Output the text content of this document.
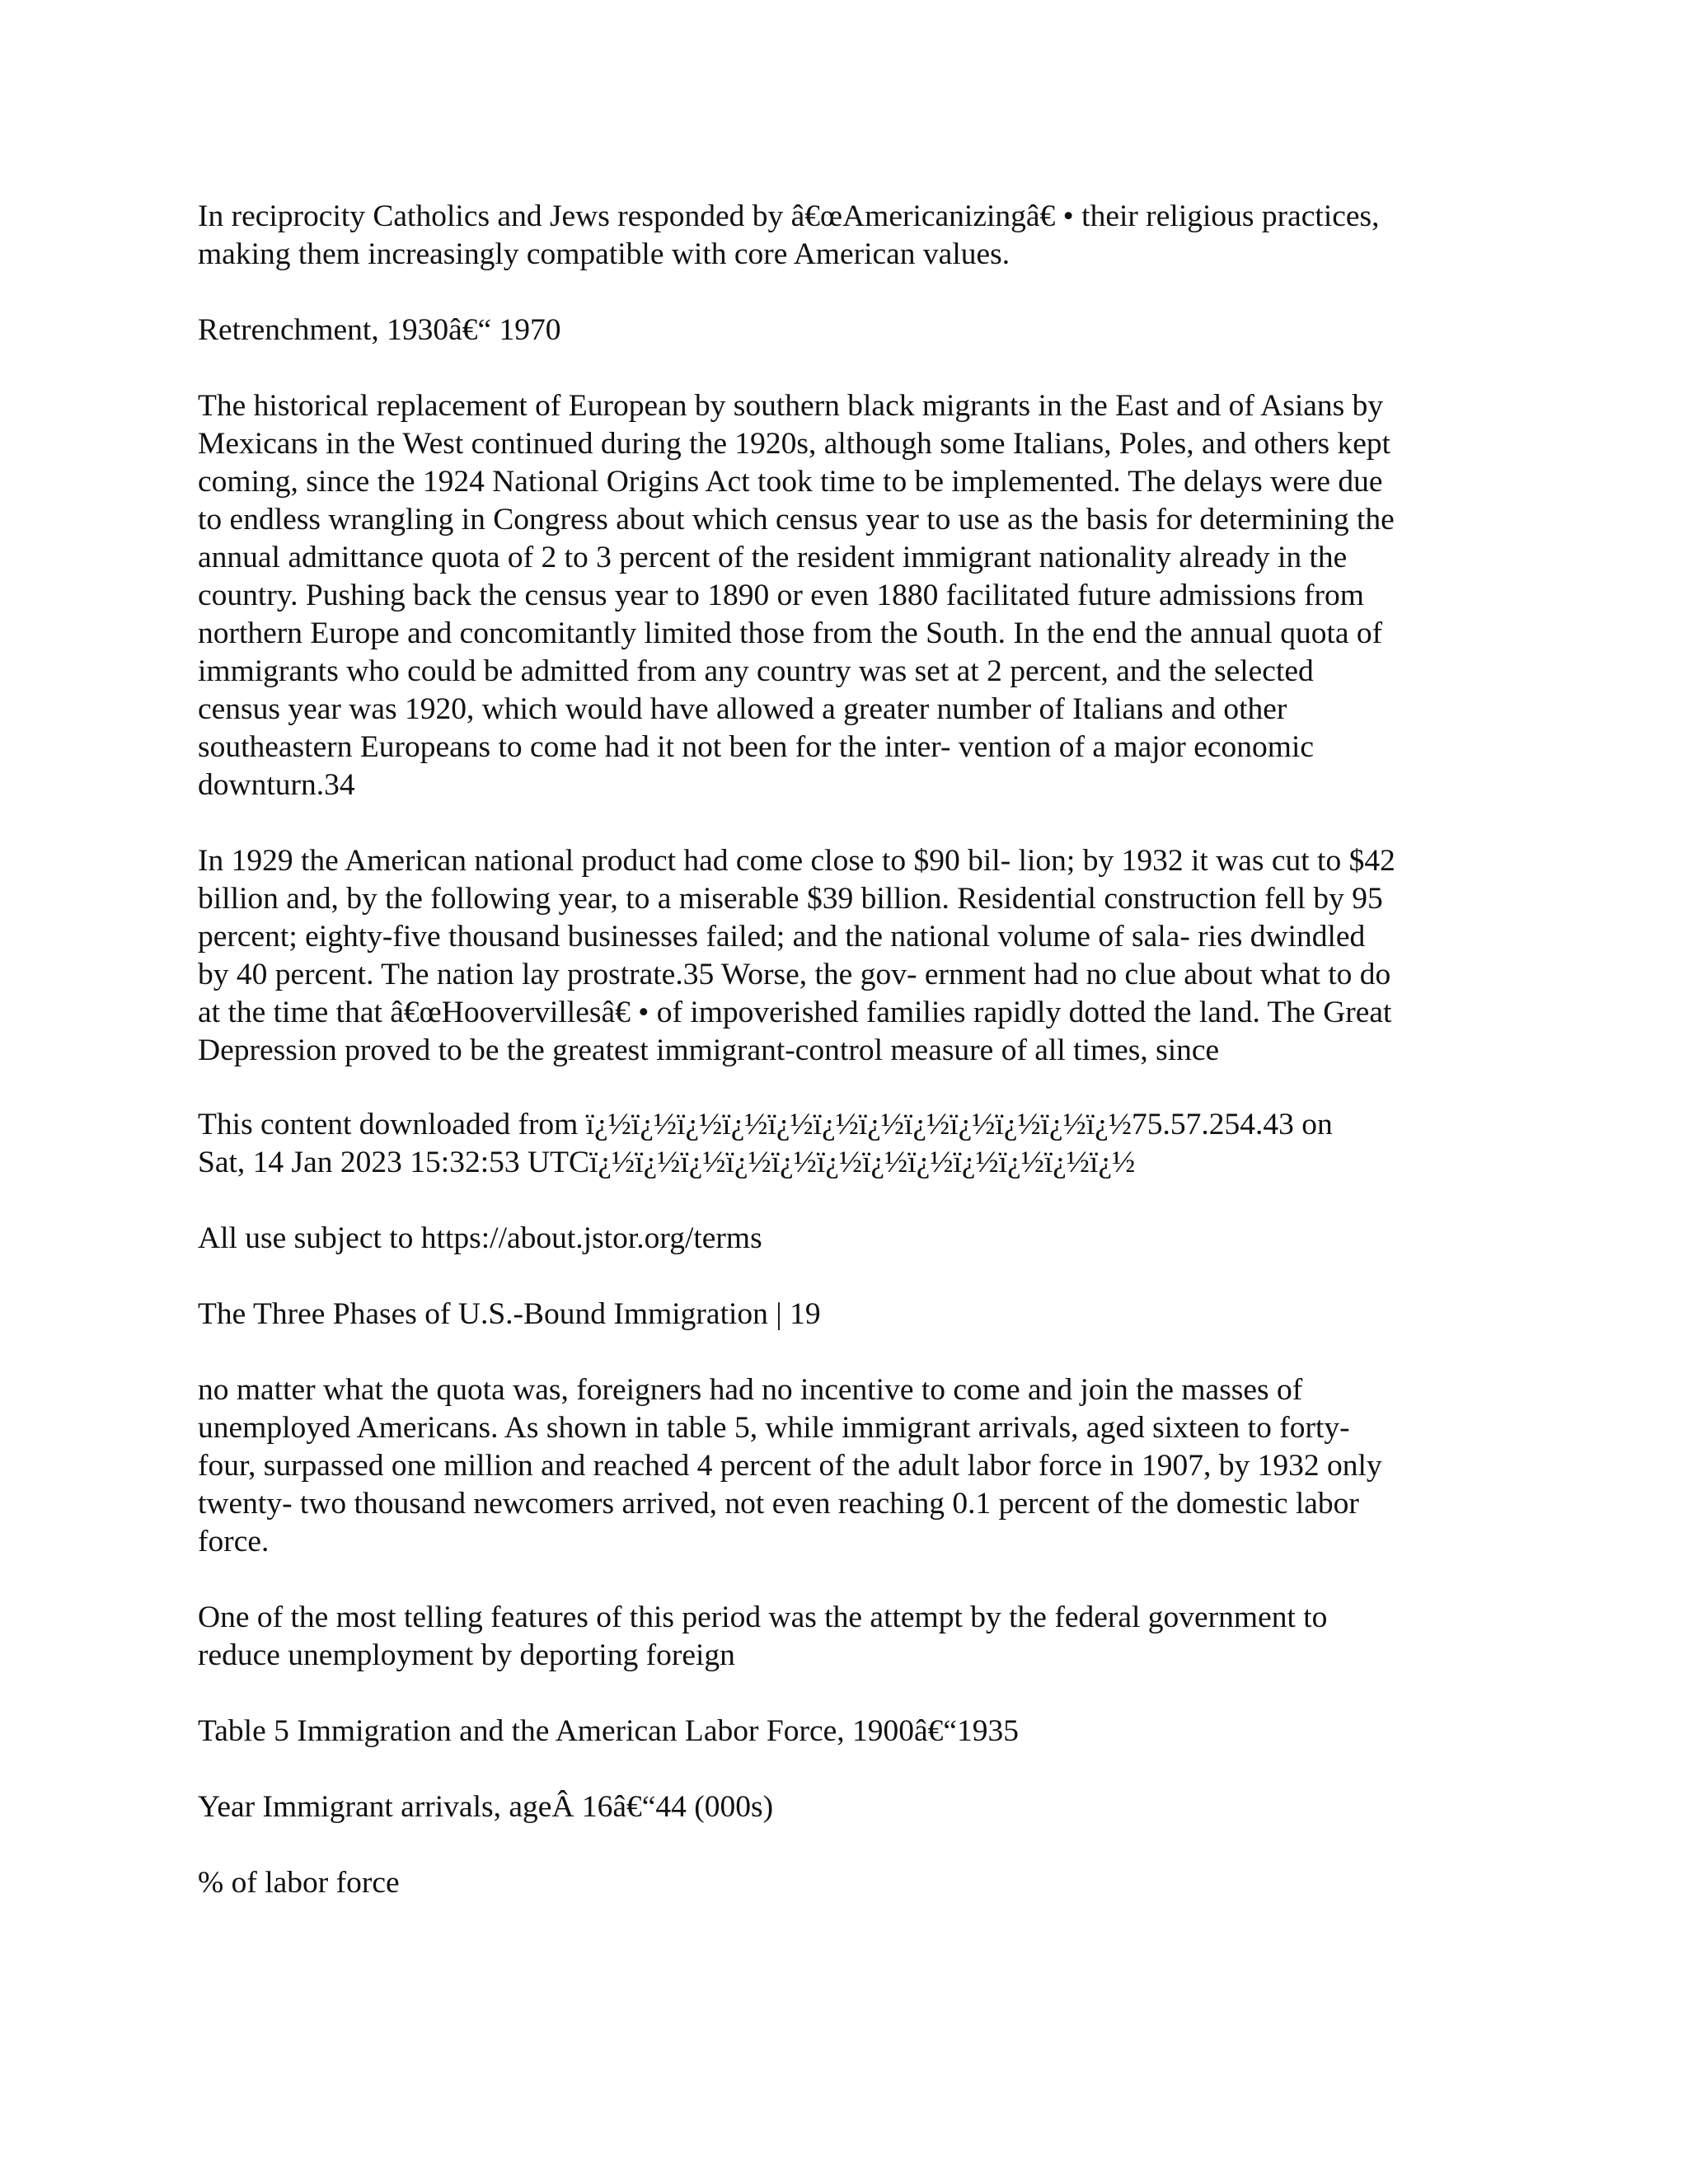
In reciprocity Catholics and Jews responded by â€œAmericanizingâ€ • their religious practices,
making them increasingly compatible with core American values.

Retrenchment, 1930â€“ 1970

The historical replacement of European by southern black migrants in the East and of Asians by
Mexicans in the West continued during the 1920s, although some Italians, Poles, and others kept
coming, since the 1924 National Origins Act took time to be implemented. The delays were due
to endless wrangling in Congress about which census year to use as the basis for determining the
annual admittance quota of 2 to 3 percent of the resident immigrant nationality already in the
country. Pushing back the census year to 1890 or even 1880 facilitated future admissions from
northern Europe and concomitantly limited those from the South. In the end the annual quota of
immigrants who could be admitted from any country was set at 2 percent, and the selected
census year was 1920, which would have allowed a greater number of Italians and other
southeastern Europeans to come had it not been for the inter- vention of a major economic
downturn.34

In 1929 the American national product had come close to $90 bil- lion; by 1932 it was cut to $42
billion and, by the following year, to a miserable $39 billion. Residential construction fell by 95
percent; eighty-five thousand businesses failed; and the national volume of sala- ries dwindled
by 40 percent. The nation lay prostrate.35 Worse, the gov- ernment had no clue about what to do
at the time that â€œHoovervillesâ€ • of impoverished families rapidly dotted the land. The Great
Depression proved to be the greatest immigrant-control measure of all times, since

This content downloaded from ï¿½ï¿½ï¿½ï¿½ï¿½ï¿½ï¿½ï¿½ï¿½ï¿½ï¿½ï¿½75.57.254.43 on
Sat, 14 Jan 2023 15:32:53 UTCï¿½ï¿½ï¿½ï¿½ï¿½ï¿½ï¿½ï¿½ï¿½ï¿½ï¿½ï¿½

All use subject to https://about.jstor.org/terms

The Three Phases of U.S.-Bound Immigration | 19

no matter what the quota was, foreigners had no incentive to come and join the masses of
unemployed Americans. As shown in table 5, while immigrant arrivals, aged sixteen to forty-
four, surpassed one million and reached 4 percent of the adult labor force in 1907, by 1932 only
twenty- two thousand newcomers arrived, not even reaching 0.1 percent of the domestic labor
force.

One of the most telling features of this period was the attempt by the federal government to
reduce unemployment by deporting foreign

Table 5 Immigration and the American Labor Force, 1900â€“1935

Year Immigrant arrivals, ageÂ 16â€“44 (000s)

% of labor force
